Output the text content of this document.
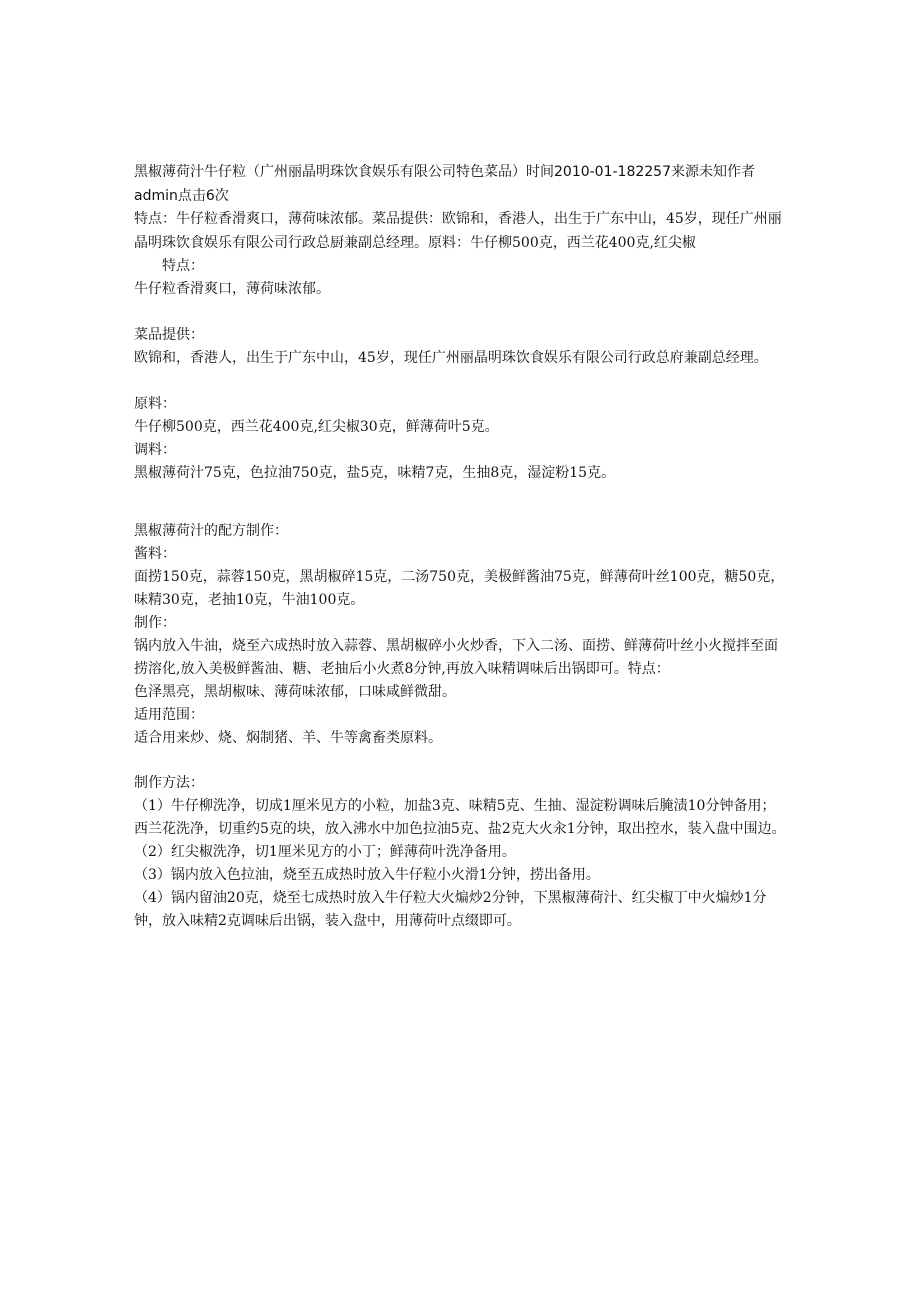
黑椒薄荷汁牛仔粒（广州丽晶明珠饮食娱乐有限公司特色菜品）时间2010-01-182257来源未知作者admin点击6次

特点：牛仔粒香滑爽口，薄荷味浓郁。菜品提供：欧锦和，香港人，出生于广东中山，45岁，现任广州丽晶明珠饮食娱乐有限公司行政总厨兼副总经理。原料：牛仔柳500克，西兰花400克,红尖椒

特点：

牛仔粒香滑爽口，薄荷味浓郁。

菜品提供：

欧锦和，香港人，出生于广东中山，45岁，现任广州丽晶明珠饮食娱乐有限公司行政总府兼副总经理。

原料：

牛仔柳500克，西兰花400克,红尖椒30克，鲜薄荷叶5克。

调料：

黑椒薄荷汁75克，色拉油750克，盐5克，味精7克，生抽8克，湿淀粉15克。

黑椒薄荷汁的配方制作：

酱料：

面捞150克，蒜蓉150克，黑胡椒碎15克，二汤750克，美极鲜酱油75克，鲜薄荷叶丝100克，糖50克，味精30克，老抽10克，牛油100克。

制作：

锅内放入牛油，烧至六成热时放入蒜蓉、黑胡椒碎小火炒香，下入二汤、面捞、鲜薄荷叶丝小火搅拌至面捞溶化,放入美极鲜酱油、糖、老抽后小火煮8分钟,再放入味精调味后出锅即可。特点：

色泽黑亮，黑胡椒味、薄荷味浓郁，口味咸鲜微甜。

适用范围：

适合用来炒、烧、焖制猪、羊、牛等禽畜类原料。

制作方法：

（1）牛仔柳洗净，切成1厘米见方的小粒，加盐3克、味精5克、生抽、湿淀粉调味后腌渍10分钟备用；西兰花洗净，切重约5克的块，放入沸水中加色拉油5克、盐2克大火汆1分钟，取出控水，装入盘中围边。

（2）红尖椒洗净，切1厘米见方的小丁；鲜薄荷叶洗净备用。

（3）锅内放入色拉油，烧至五成热时放入牛仔粒小火滑1分钟，捞出备用。

（4）锅内留油20克，烧至七成热时放入牛仔粒大火煸炒2分钟，下黑椒薄荷汁、红尖椒丁中火煸炒1分钟，放入味精2克调味后出锅，装入盘中，用薄荷叶点缀即可。
